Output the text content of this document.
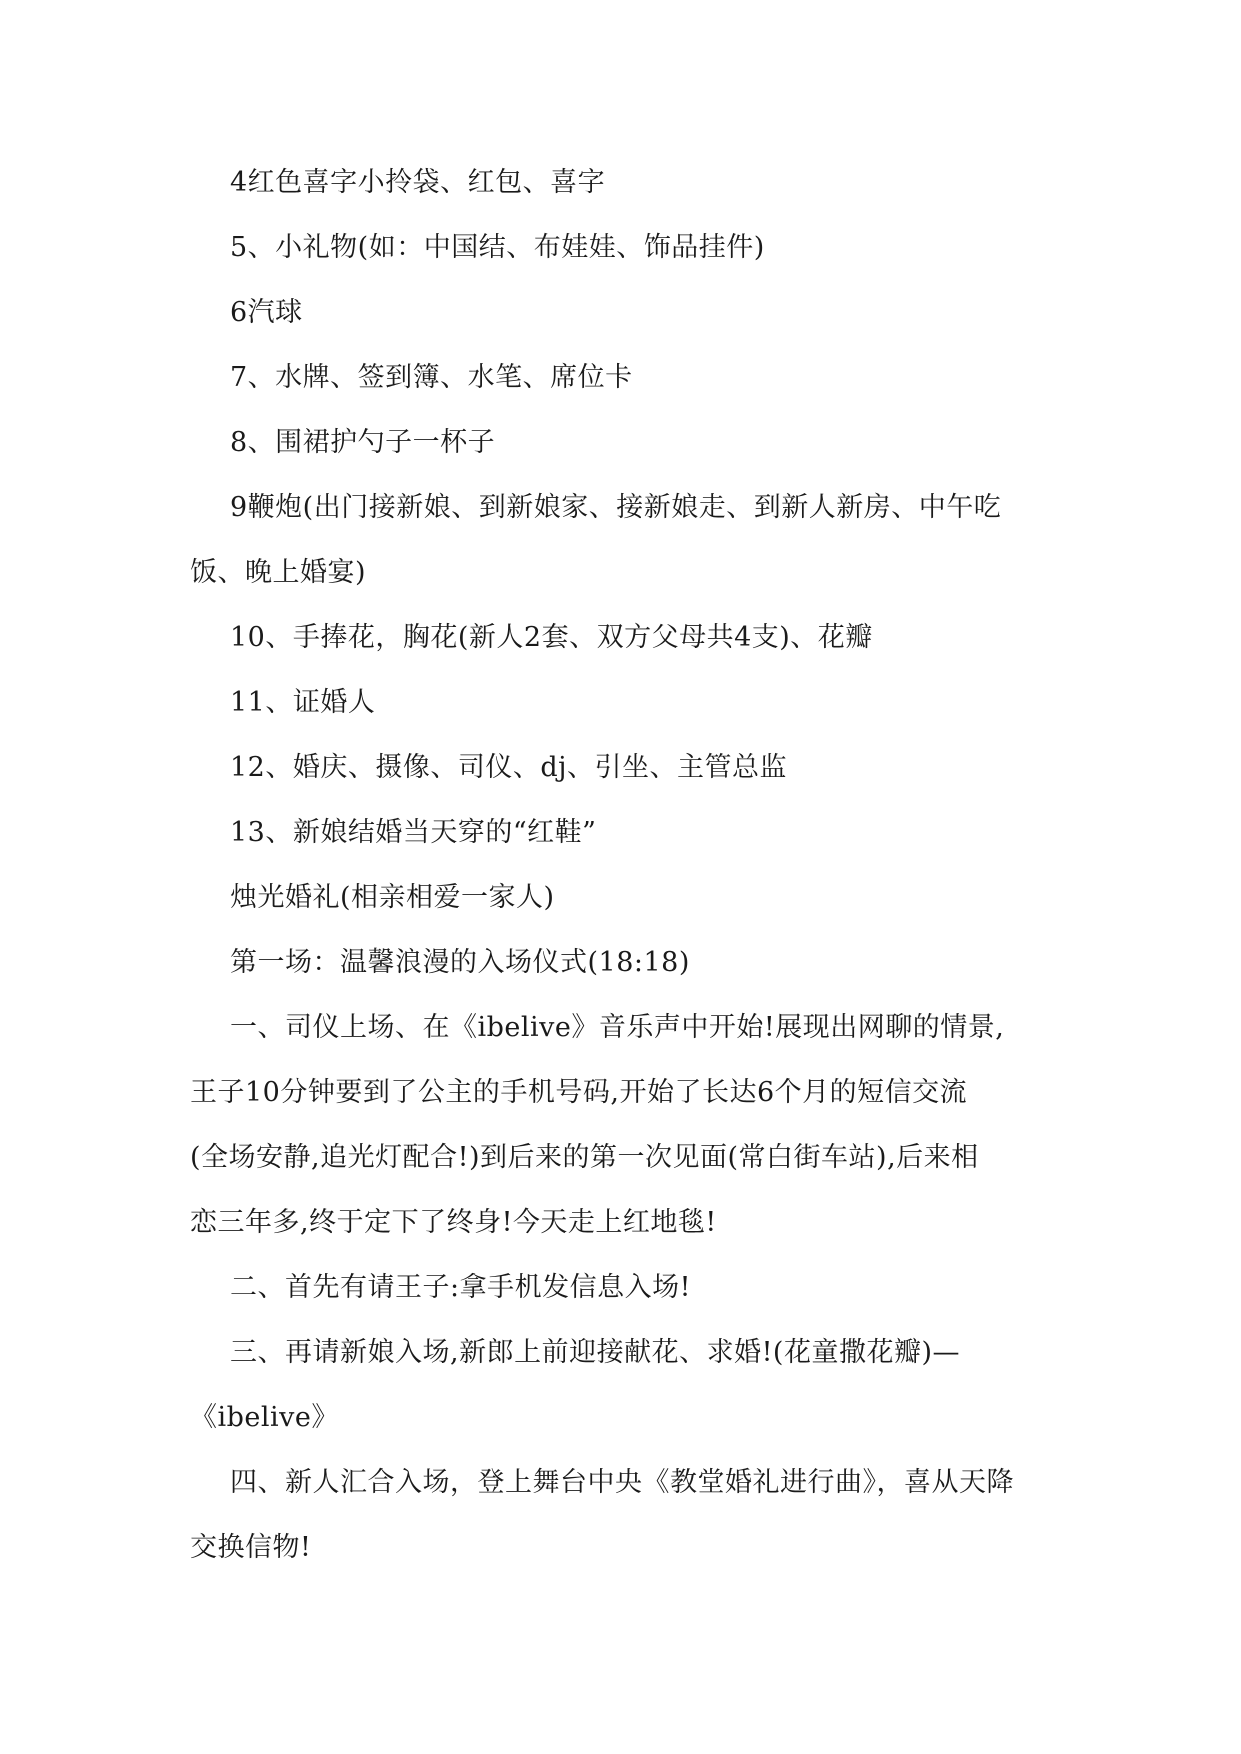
4红色喜字小拎袋、红包、喜字
5、小礼物(如：中国结、布娃娃、饰品挂件)
6汽球
7、水牌、签到簿、水笔、席位卡
8、围裙护勺子一杯子
9鞭炮(出门接新娘、到新娘家、接新娘走、到新人新房、中午吃
饭、晚上婚宴)
10、手捧花，胸花(新人2套、双方父母共4支)、花瓣
11、证婚人
12、婚庆、摄像、司仪、dj、引坐、主管总监
13、新娘结婚当天穿的“红鞋”
烛光婚礼(相亲相爱一家人)
第一场：温馨浪漫的入场仪式(18:18)
一、司仪上场、在《ibelive》音乐声中开始!展现出网聊的情景,
王子10分钟要到了公主的手机号码,开始了长达6个月的短信交流
(全场安静,追光灯配合!)到后来的第一次见面(常白街车站),后来相
恋三年多,终于定下了终身!今天走上红地毯!
二、首先有请王子:拿手机发信息入场!
三、再请新娘入场,新郎上前迎接献花、求婚!(花童撒花瓣)—
《ibelive》
四、新人汇合入场，登上舞台中央《教堂婚礼进行曲》，喜从天降
交换信物!
